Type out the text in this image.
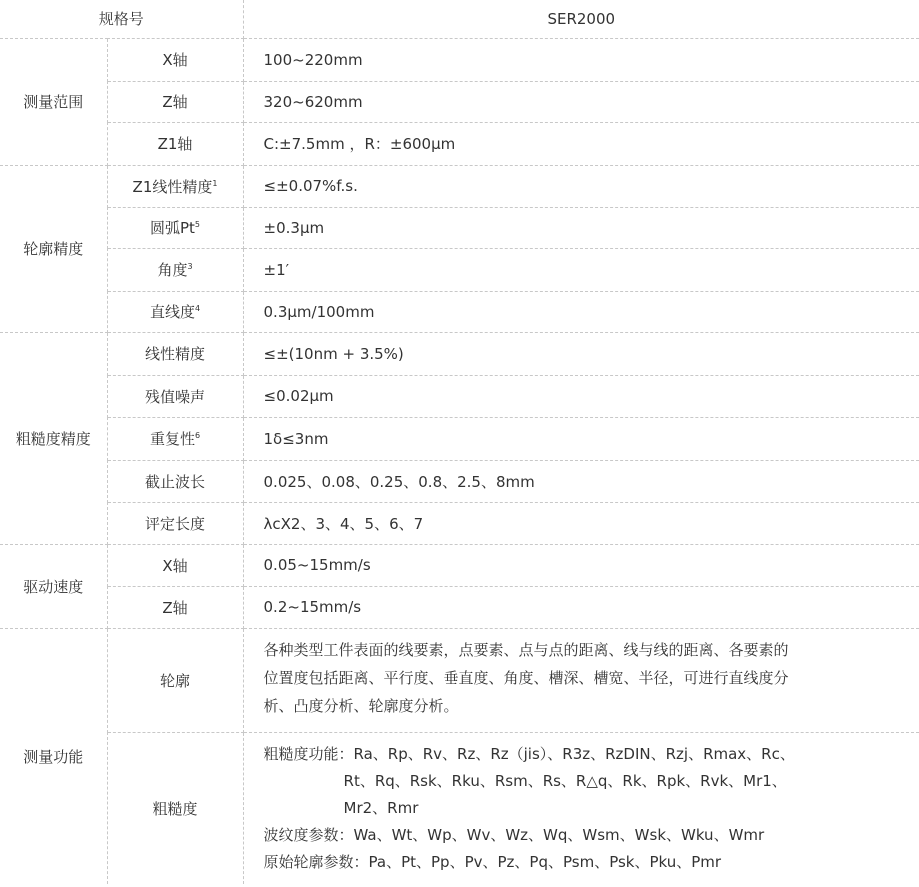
规格号		SER2000
测量范围	X轴	100~220mm
	Z轴	320~620mm
	Z1轴	C:±7.5mm ，R：±600μm
轮廓精度	Z1线性精度$^1$	≤±0.07%f.s.
	圆弧$Pt^5$	±0.3μm
	角度$^3$	±1′
	直线度$^4$	0.3μm/100mm
粗糙度精度	线性精度	≤±(10nm + 3.5%)
	残值噪声	≤0.02μm
	重复性$^6$	1δ≤3nm
	截止波长	0.025、0.08、0.25、0.8、2.5、8mm
	评定长度	λcX2、3、4、5、6、7
驱动速度	X轴	0.05~15mm/s
	Z轴	0.2~15mm/s
测量功能	轮廓	各种类型工件表面的线要素，点要素、点与点的距离、线与线的距离、各要素的
位置度包括距离、平行度、垂直度、角度、槽深、槽宽、半径，可进行直线度分
析、凸度分析、轮廓度分析。

	粗糙度	粗糙度功能：Ra、Rp、Rv、Rz、Rz（jis）、R3z、RzDIN、Rzj、Rmax、Rc、
Rt、Rq、Rsk、Rku、Rsm、Rs、R△q、Rk、Rpk、Rvk、Mr1、
Mr2、Rmr
波纹度参数：Wa、Wt、Wp、Wv、Wz、Wq、Wsm、Wsk、Wku、Wmr
原始轮廓参数：Pa、Pt、Pp、Pv、Pz、Pq、Psm、Psk、Pku、Pmr
